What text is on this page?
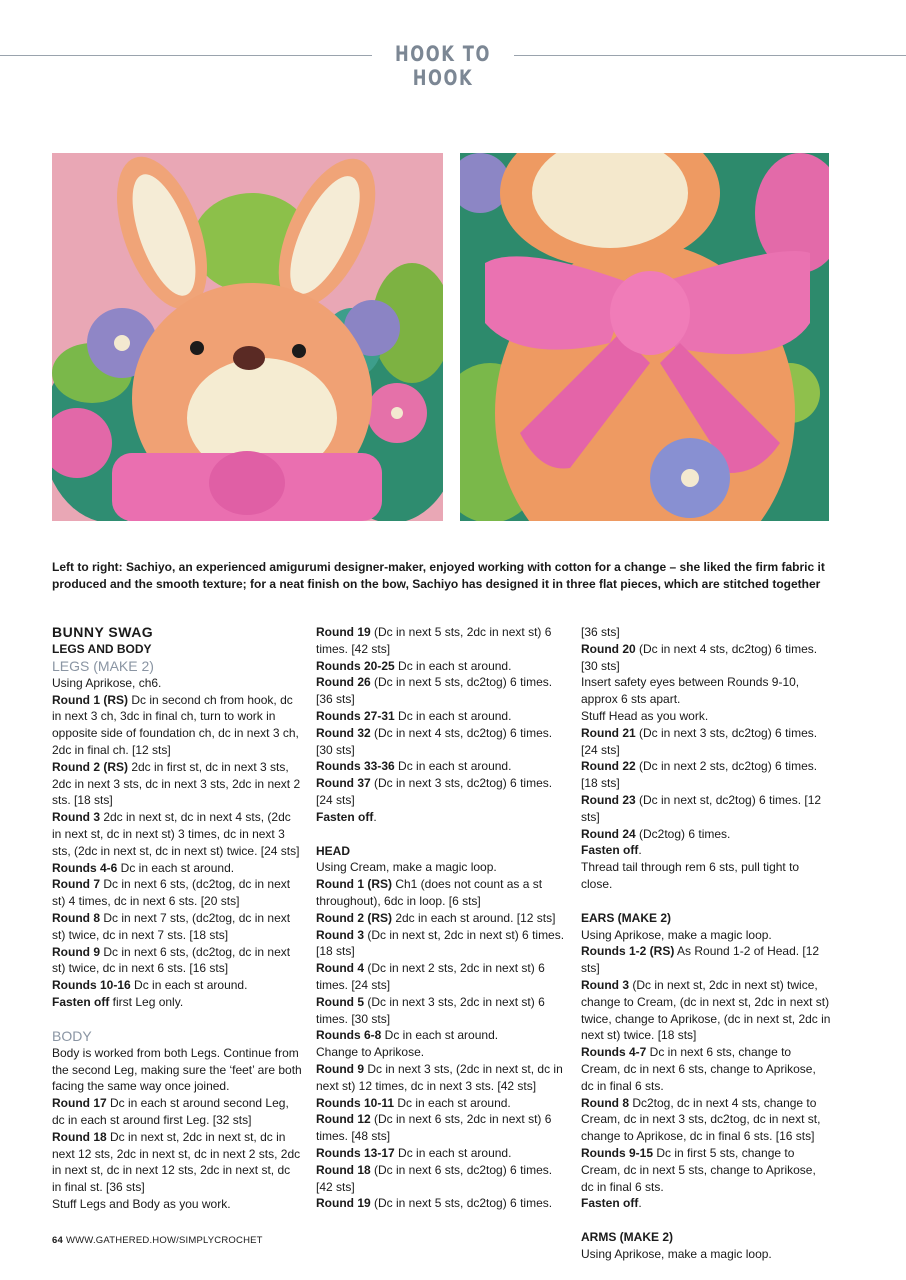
HOOK TO HOOK
Left to right: Sachiyo, an experienced amigurumi designer-maker, enjoyed working with cotton for a change – she liked the firm fabric it produced and the smooth texture; for a neat finish on the bow, Sachiyo has designed it in three flat pieces, which are stitched together

BUNNY SWAG

LEGS AND BODY

LEGS (MAKE 2)

Using Aprikose, ch6.

Round 1 (RS) Dc in second ch from hook, dc in next 3 ch, 3dc in final ch, turn to work in opposite side of foundation ch, dc in next 3 ch, 2dc in final ch. [12 sts]

Round 2 (RS) 2dc in first st, dc in next 3 sts, 2dc in next 3 sts, dc in next 3 sts, 2dc in next 2 sts. [18 sts]

Round 3 2dc in next st, dc in next 4 sts, (2dc in next st, dc in next st) 3 times, dc in next 3 sts, (2dc in next st, dc in next st) twice. [24 sts]

Rounds 4-6 Dc in each st around.

Round 7 Dc in next 6 sts, (dc2tog, dc in next st) 4 times, dc in next 6 sts. [20 sts]

Round 8 Dc in next 7 sts, (dc2tog, dc in next st) twice, dc in next 7 sts. [18 sts]

Round 9 Dc in next 6 sts, (dc2tog, dc in next st) twice, dc in next 6 sts. [16 sts]

Rounds 10-16 Dc in each st around.

Fasten off first Leg only.

BODY

Body is worked from both Legs. Continue from the second Leg, making sure the ‘feet’ are both facing the same way once joined.

Round 17 Dc in each st around second Leg, dc in each st around first Leg. [32 sts]

Round 18 Dc in next st, 2dc in next st, dc in next 12 sts, 2dc in next st, dc in next 2 sts, 2dc in next st, dc in next 12 sts, 2dc in next st, dc in final st. [36 sts]

Stuff Legs and Body as you work.

Round 19 (Dc in next 5 sts, 2dc in next st) 6 times. [42 sts]

Rounds 20-25 Dc in each st around.

Round 26 (Dc in next 5 sts, dc2tog) 6 times. [36 sts]

Rounds 27-31 Dc in each st around.

Round 32 (Dc in next 4 sts, dc2tog) 6 times. [30 sts]

Rounds 33-36 Dc in each st around.

Round 37 (Dc in next 3 sts, dc2tog) 6 times. [24 sts]

Fasten off.

HEAD

Using Cream, make a magic loop.

Round 1 (RS) Ch1 (does not count as a st throughout), 6dc in loop. [6 sts]

Round 2 (RS) 2dc in each st around. [12 sts]

Round 3 (Dc in next st, 2dc in next st) 6 times. [18 sts]

Round 4 (Dc in next 2 sts, 2dc in next st) 6 times. [24 sts]

Round 5 (Dc in next 3 sts, 2dc in next st) 6 times. [30 sts]

Rounds 6-8 Dc in each st around.

Change to Aprikose.

Round 9 Dc in next 3 sts, (2dc in next st, dc in next st) 12 times, dc in next 3 sts. [42 sts]

Rounds 10-11 Dc in each st around.

Round 12 (Dc in next 6 sts, 2dc in next st) 6 times. [48 sts]

Rounds 13-17 Dc in each st around.

Round 18 (Dc in next 6 sts, dc2tog) 6 times. [42 sts]

Round 19 (Dc in next 5 sts, dc2tog) 6 times.

[36 sts]

Round 20 (Dc in next 4 sts, dc2tog) 6 times. [30 sts]

Insert safety eyes between Rounds 9-10, approx 6 sts apart.

Stuff Head as you work.

Round 21 (Dc in next 3 sts, dc2tog) 6 times. [24 sts]

Round 22 (Dc in next 2 sts, dc2tog) 6 times. [18 sts]

Round 23 (Dc in next st, dc2tog) 6 times. [12 sts]

Round 24 (Dc2tog) 6 times.

Fasten off.

Thread tail through rem 6 sts, pull tight to close.

EARS (MAKE 2)

Using Aprikose, make a magic loop.

Rounds 1-2 (RS) As Round 1-2 of Head. [12 sts]

Round 3 (Dc in next st, 2dc in next st) twice, change to Cream, (dc in next st, 2dc in next st) twice, change to Aprikose, (dc in next st, 2dc in next st) twice. [18 sts]

Rounds 4-7 Dc in next 6 sts, change to Cream, dc in next 6 sts, change to Aprikose, dc in final 6 sts.

Round 8 Dc2tog, dc in next 4 sts, change to Cream, dc in next 3 sts, dc2tog, dc in next st, change to Aprikose, dc in final 6 sts. [16 sts]

Rounds 9-15 Dc in first 5 sts, change to Cream, dc in next 5 sts, change to Aprikose, dc in final 6 sts.

Fasten off.

ARMS (MAKE 2)

Using Aprikose, make a magic loop.

64 WWW.GATHERED.HOW/SIMPLYCROCHET
